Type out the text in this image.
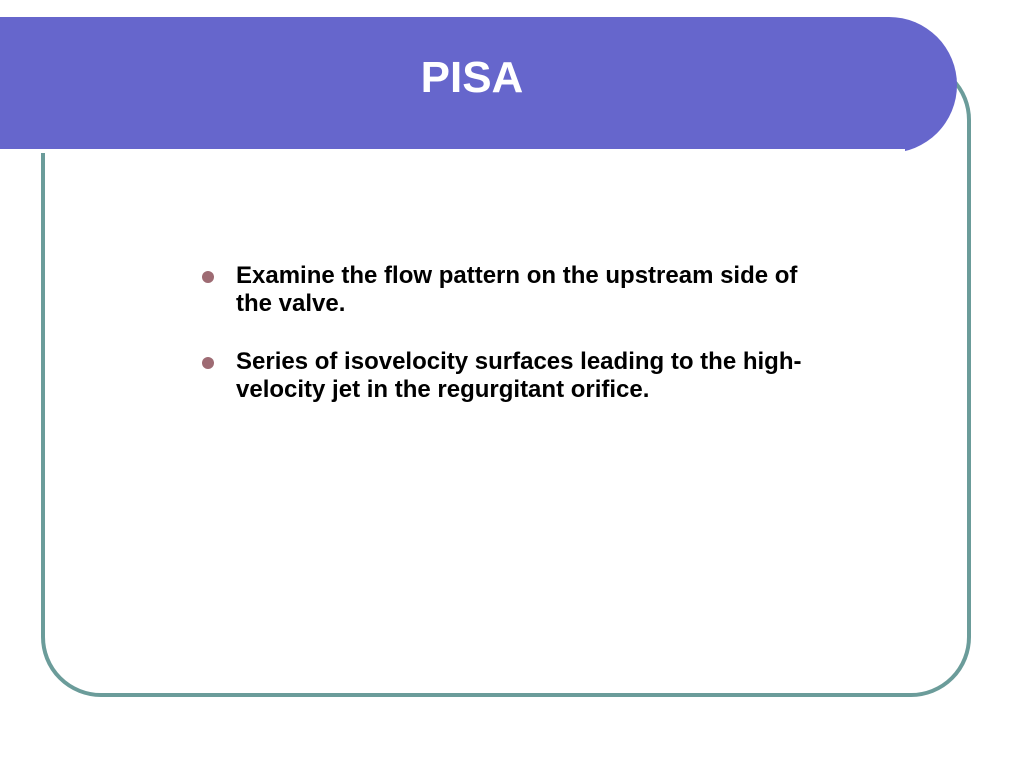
PISA
Examine the flow pattern on the upstream side of the valve.
Series of isovelocity surfaces leading to the high- velocity jet in the regurgitant orifice.
